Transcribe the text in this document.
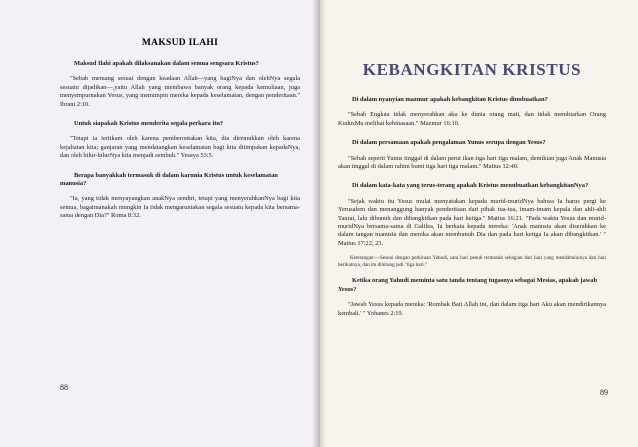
MAKSUD ILAHI

Maksud Ilahi apakah dilaksanakan dalam semua sengsara Kristus?

"Sebab memang sesuai dengan keadaan Allah—yang bagiNya dan olehNya segala sesuatu dijadikan—,yaitu Allah yang membawa banyak orang kepada kemuliaan, juga menyempurnakan Yesus, yang memimpin mereka kepada keselamatan, dengan penderitaan." Ibrani 2:10.

Untuk siapakah Kristus menderita segala perkara itu?

"Tetapi ia tertikam oleh karena pemberontakan kita, dia diremukkan oleh karena kejahatan kita; ganjaran yang mendatangkan keselamatan bagi kita ditimpakan kepadaNya, dan oleh bilur-bilurNya kita menjadi sembuh." Yesaya 53:5.

Berapa banyakkah termasuk di dalam karunia Kristus untuk keselamatan manusia?

"Ia, yang tidak menyayangkan anakNya sendiri, tetapi yang menyerahkanNya bagi kita semua, bagaimanakah mungkin Ia tidak mengaruniakan segala sesuatu kepada kita bersama-sama dengan Dia?" Roma 8:32.

88
KEBANGKITAN KRISTUS

Di dalam nyanyian mazmur apakah kebangkitan Kristus dinubuatkan?

"Sebab Engkau tidak menyerahkan aku ke dunia orang mati, dan tidak membiarkan Orang KudusMu melihat kebinasaan." Mazmur 16:10.

Di dalam persamaan apakah pengalaman Yunus serupa dengan Yesus?

"Sebab seperti Yunus tinggal di dalam perut ikan tiga hari tiga malam, demikian juga Anak Manusia akan tinggal di dalam rahim bumi tiga hari tiga malam." Matius 12:40.

Di dalam kata-kata yang terus-terang apakah Kristus menubuatkan kebangkitanNya?

"Sejak waktu itu Yesus mulai menyatakan kepada murid-muridNya bahwa Ia harus pergi ke Yerusalem dan menanggung banyak penderitaan dari pihak tua-tua, imam-imam kepala dan ahli-ahli Taurat, lalu dibunuh dan dibangkitkan pada hari ketiga." Matius 16:21. "Pada waktu Yesus dan murid-muridNya bersama-sama di Galilea, Ia berkata kepada mereka: 'Anak manusia akan diserahkan ke dalam tangan manusia dan mereka akan membunuh Dia dan pada hari ketiga Ia akan dibangkitkan.' " Matius 17:22, 23.

Keterangan:—Sesuai dengan perkiraan Yahudi, satu hari penuh termasuk sebagian dari hari yang mendahuluinya dan hari berikutnya, dan itu dihitung jadi "tiga hari."

Ketika orang Yahudi meminta satu tanda tentang tugasnya sebagai Mesias, apakah jawab Yesus?

"Jawab Yesus kepada mereka: 'Rombak Bait Allah ini, dan dalam tiga hari Aku akan mendirikannya kembali.' " Yohanes 2:19.

89
